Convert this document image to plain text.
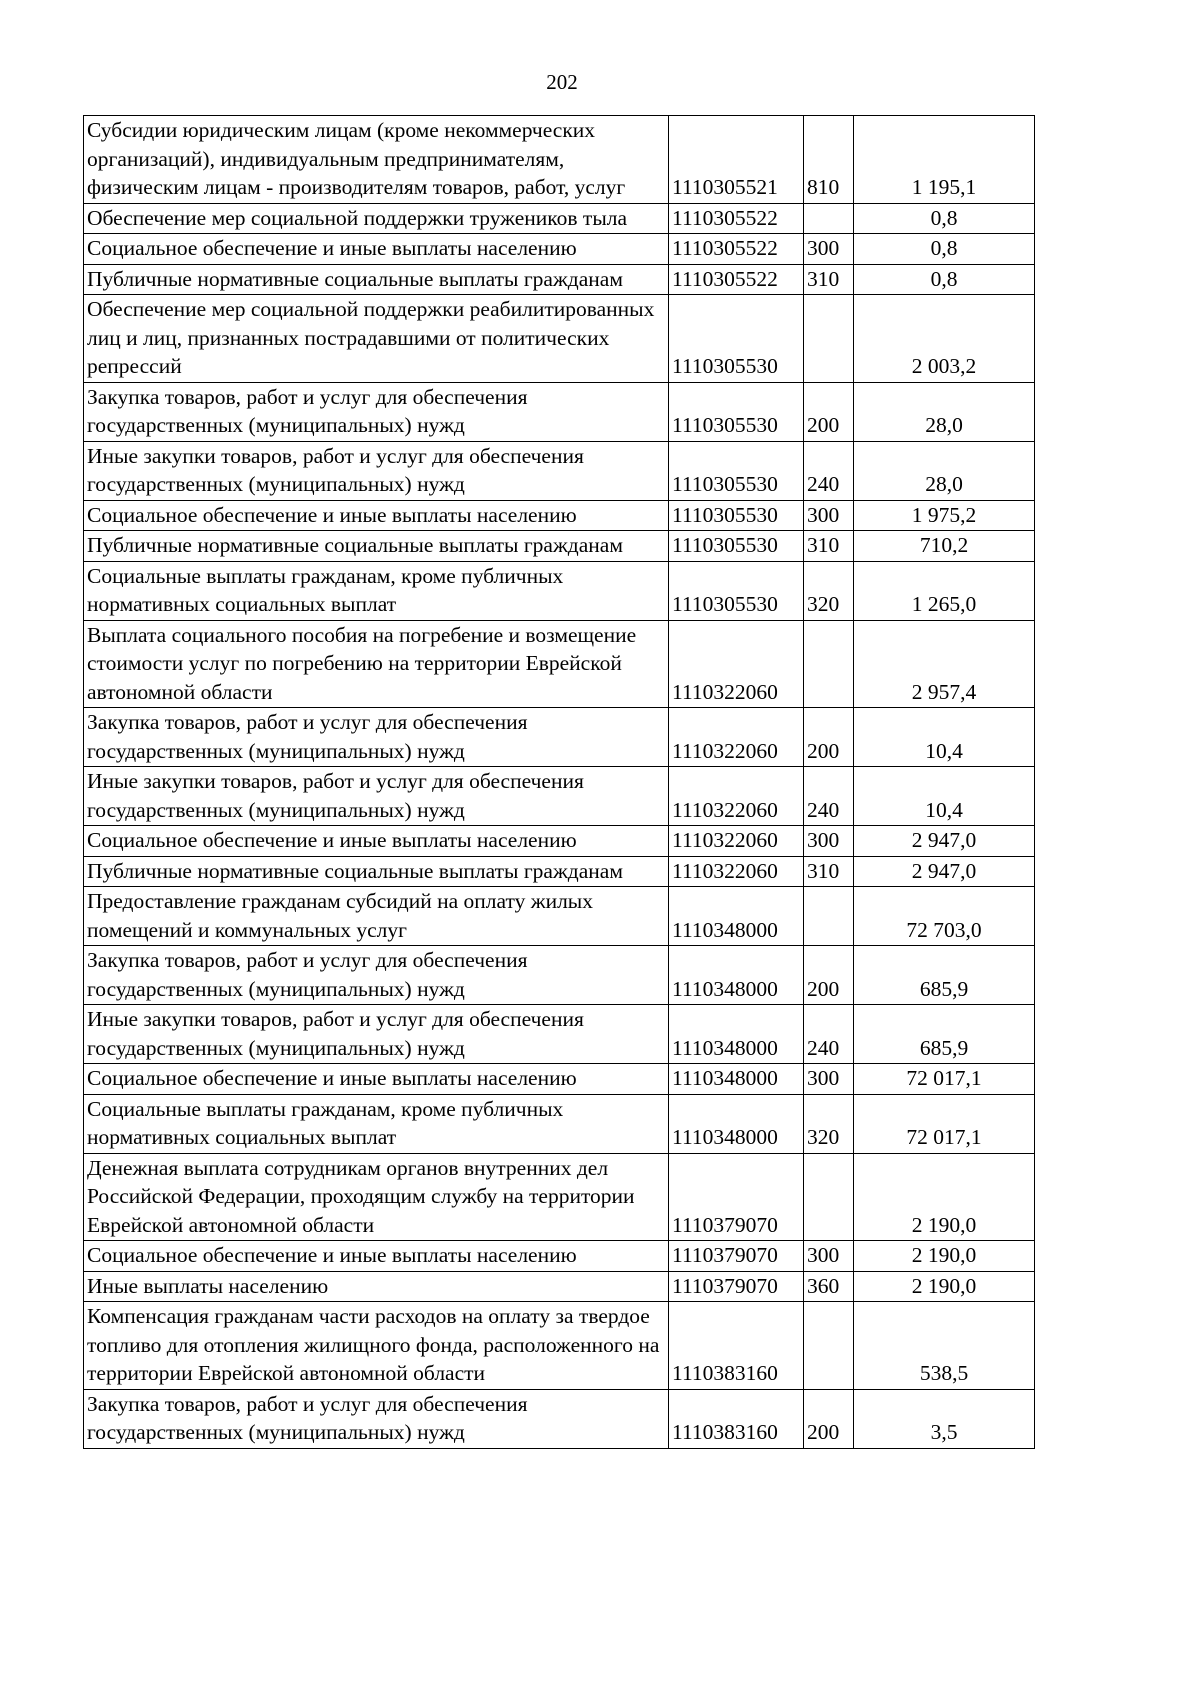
202
Субсидии юридическим лицам (кроме некоммерческих организаций), индивидуальным предпринимателям, физическим лицам - производителям товаров, работ, услуг	1110305521	810	1 195,1
Обеспечение мер социальной поддержки тружеников тыла	1110305522		0,8
Социальное обеспечение и иные выплаты населению	1110305522	300	0,8
Публичные нормативные социальные выплаты гражданам	1110305522	310	0,8
Обеспечение мер социальной поддержки реабилитированных лиц и лиц, признанных пострадавшими от политических репрессий	1110305530		2 003,2
Закупка товаров, работ и услуг для обеспечения государственных (муниципальных) нужд	1110305530	200	28,0
Иные закупки товаров, работ и услуг для обеспечения государственных (муниципальных) нужд	1110305530	240	28,0
Социальное обеспечение и иные выплаты населению	1110305530	300	1 975,2
Публичные нормативные социальные выплаты гражданам	1110305530	310	710,2
Социальные выплаты гражданам, кроме публичных нормативных социальных выплат	1110305530	320	1 265,0
Выплата социального пособия на погребение и возмещение стоимости услуг по погребению на территории Еврейской автономной области	1110322060		2 957,4
Закупка товаров, работ и услуг для обеспечения государственных (муниципальных) нужд	1110322060	200	10,4
Иные закупки товаров, работ и услуг для обеспечения государственных (муниципальных) нужд	1110322060	240	10,4
Социальное обеспечение и иные выплаты населению	1110322060	300	2 947,0
Публичные нормативные социальные выплаты гражданам	1110322060	310	2 947,0
Предоставление гражданам субсидий на оплату жилых помещений и коммунальных услуг	1110348000		72 703,0
Закупка товаров, работ и услуг для обеспечения государственных (муниципальных) нужд	1110348000	200	685,9
Иные закупки товаров, работ и услуг для обеспечения государственных (муниципальных) нужд	1110348000	240	685,9
Социальное обеспечение и иные выплаты населению	1110348000	300	72 017,1
Социальные выплаты гражданам, кроме публичных нормативных социальных выплат	1110348000	320	72 017,1
Денежная выплата сотрудникам органов внутренних дел Российской Федерации, проходящим службу на территории Еврейской автономной области	1110379070		2 190,0
Социальное обеспечение и иные выплаты населению	1110379070	300	2 190,0
Иные выплаты населению	1110379070	360	2 190,0
Компенсация гражданам части расходов на оплату за твердое топливо для отопления жилищного фонда, расположенного на территории Еврейской автономной области	1110383160		538,5
Закупка товаров, работ и услуг для обеспечения государственных (муниципальных) нужд	1110383160	200	3,5
